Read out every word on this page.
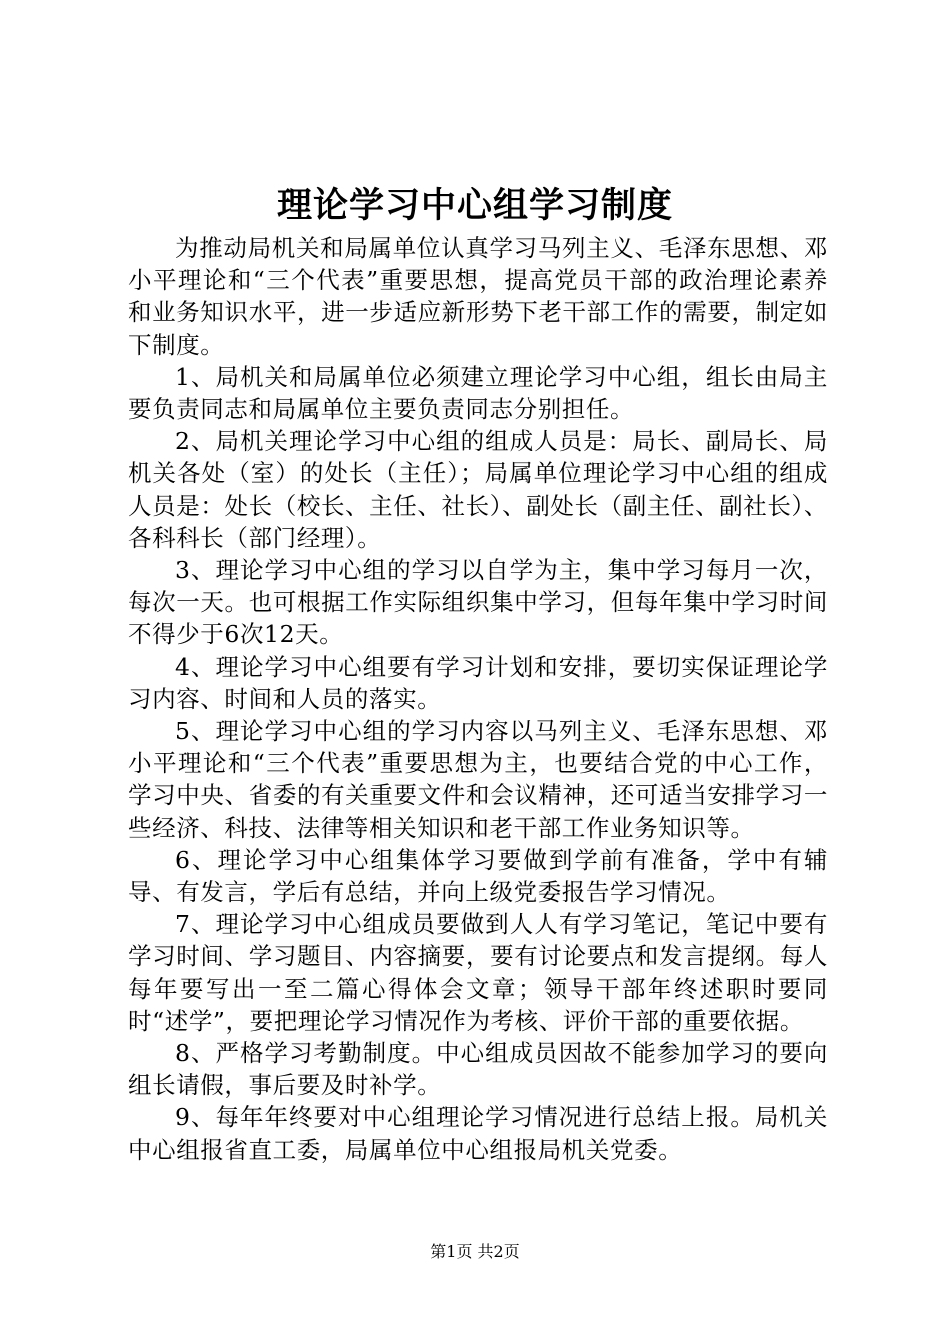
理论学习中心组学习制度

为推动局机关和局属单位认真学习马列主义、毛泽东思想、邓小平理论和“三个代表”重要思想，提高党员干部的政治理论素养和业务知识水平，进一步适应新形势下老干部工作的需要，制定如下制度。

1、局机关和局属单位必须建立理论学习中心组，组长由局主要负责同志和局属单位主要负责同志分别担任。

2、局机关理论学习中心组的组成人员是：局长、副局长、局机关各处（室）的处长（主任）；局属单位理论学习中心组的组成人员是：处长（校长、主任、社长）、副处长（副主任、副社长）、各科科长（部门经理）。

3、理论学习中心组的学习以自学为主，集中学习每月一次，每次一天。也可根据工作实际组织集中学习，但每年集中学习时间不得少于6次12天。

4、理论学习中心组要有学习计划和安排，要切实保证理论学习内容、时间和人员的落实。

5、理论学习中心组的学习内容以马列主义、毛泽东思想、邓小平理论和“三个代表”重要思想为主，也要结合党的中心工作，学习中央、省委的有关重要文件和会议精神，还可适当安排学习一些经济、科技、法律等相关知识和老干部工作业务知识等。

6、理论学习中心组集体学习要做到学前有准备，学中有辅导、有发言，学后有总结，并向上级党委报告学习情况。

7、理论学习中心组成员要做到人人有学习笔记，笔记中要有学习时间、学习题目、内容摘要，要有讨论要点和发言提纲。每人每年要写出一至二篇心得体会文章；领导干部年终述职时要同时“述学”，要把理论学习情况作为考核、评价干部的重要依据。

8、严格学习考勤制度。中心组成员因故不能参加学习的要向组长请假，事后要及时补学。

9、每年年终要对中心组理论学习情况进行总结上报。局机关中心组报省直工委，局属单位中心组报局机关党委。

第1页 共2页
